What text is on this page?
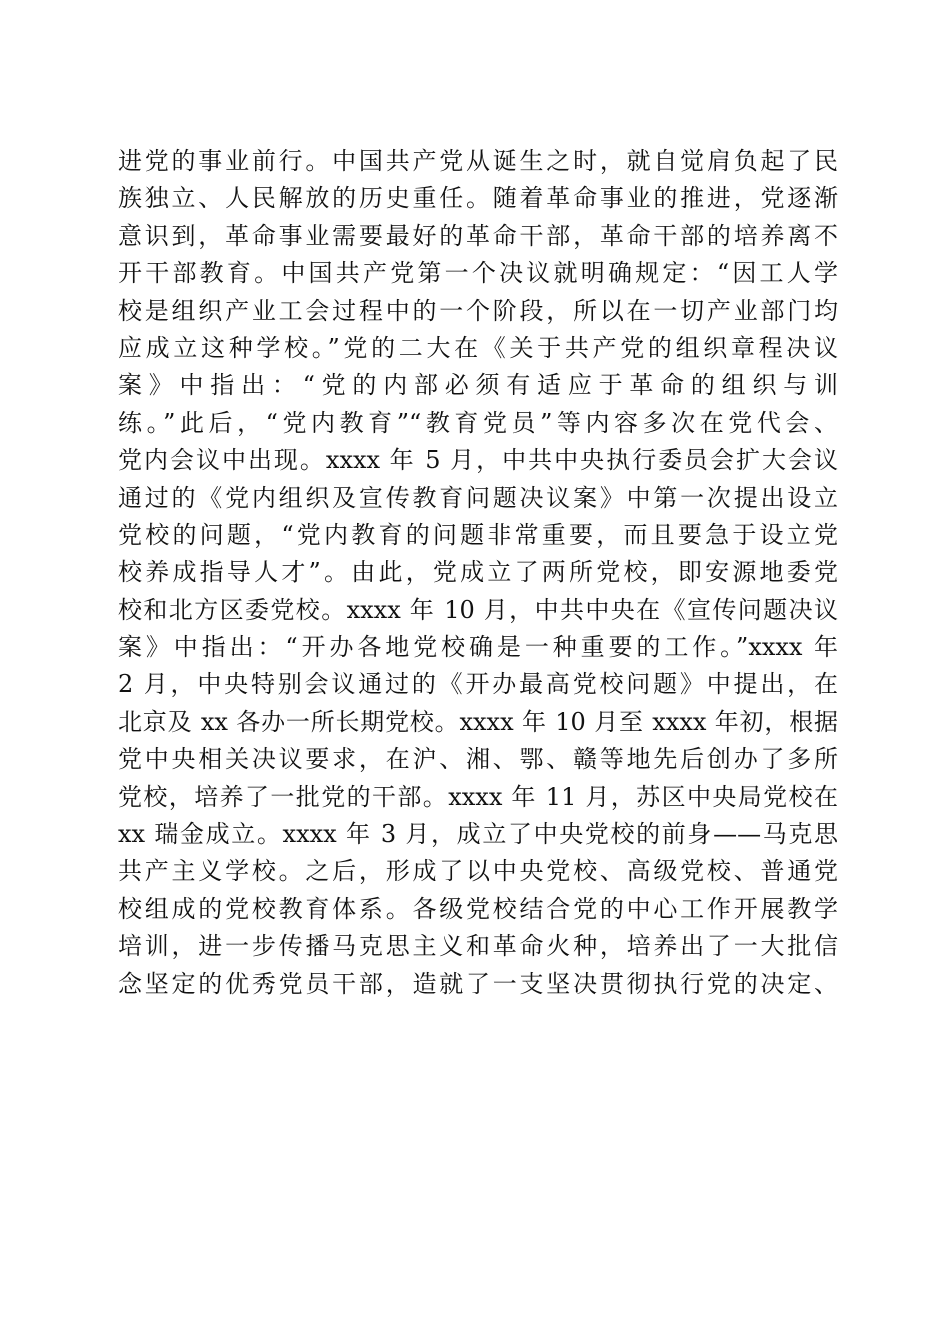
进党的事业前行。中国共产党从诞生之时，就自觉肩负起了民
族独立、人民解放的历史重任。随着革命事业的推进，党逐渐
意识到，革命事业需要最好的革命干部，革命干部的培养离不
开干部教育。中国共产党第一个决议就明确规定：“因工人学
校是组织产业工会过程中的一个阶段，所以在一切产业部门均
应成立这种学校。”党的二大在《关于共产党的组织章程决议
案》中指出：“党的内部必须有适应于革命的组织与训
练。”此后，“党内教育”“教育党员”等内容多次在党代会、
党内会议中出现。xxxx 年 5 月，中共中央执行委员会扩大会议
通过的《党内组织及宣传教育问题决议案》中第一次提出设立
党校的问题，“党内教育的问题非常重要，而且要急于设立党
校养成指导人才”。由此，党成立了两所党校，即安源地委党
校和北方区委党校。xxxx 年 10 月，中共中央在《宣传问题决议
案》中指出：“开办各地党校确是一种重要的工作。”xxxx 年
2 月，中央特别会议通过的《开办最高党校问题》中提出，在
北京及 xx 各办一所长期党校。xxxx 年 10 月至 xxxx 年初，根据
党中央相关决议要求，在沪、湘、鄂、赣等地先后创办了多所
党校，培养了一批党的干部。xxxx 年 11 月，苏区中央局党校在
xx 瑞金成立。xxxx 年 3 月，成立了中央党校的前身——马克思
共产主义学校。之后，形成了以中央党校、高级党校、普通党
校组成的党校教育体系。各级党校结合党的中心工作开展教学
培训，进一步传播马克思主义和革命火种，培养出了一大批信
念坚定的优秀党员干部，造就了一支坚决贯彻执行党的决定、
